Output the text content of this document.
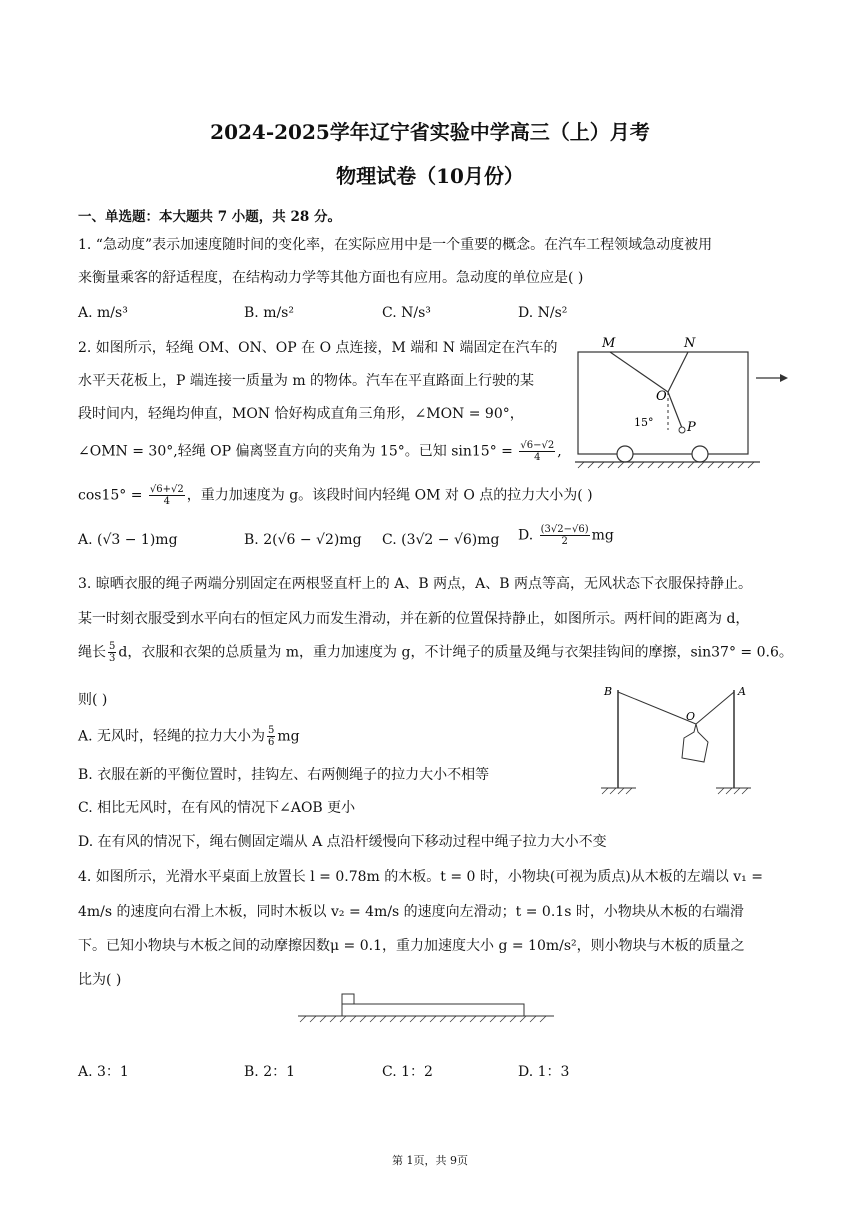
2024-2025学年辽宁省实验中学高三（上）月考
物理试卷（10月份）
一、单选题：本大题共 7 小题，共 28 分。
1. “急动度”表示加速度随时间的变化率，在实际应用中是一个重要的概念。在汽车工程领域急动度被用
来衡量乘客的舒适程度，在结构动力学等其他方面也有应用。急动度的单位应是( )
A. m/s³	B. m/s²	C. N/s³	D. N/s²
2. 如图所示，轻绳 OM、ON、OP 在 O 点连接，M 端和 N 端固定在汽车的
水平天花板上，P 端连接一质量为 m 的物体。汽车在平直路面上行驶的某
段时间内，轻绳均伸直，MON 恰好构成直角三角形，∠MON = 90°，
∠OMN = 30°,轻绳 OP 偏离竖直方向的夹角为 15°。已知 $\sin 15^\circ = \frac{√6-√2}{4}$ ,
$\cos 15^\circ = \frac{√6+√2}{4}$ ，重力加速度为 g。该段时间内轻绳 OM 对 O 点的拉力大小为( )
A. (√3 − 1)mg	B. 2(√6 − √2)mg C. (3√2 − √6)mg D. $\frac{(3√2-√6)}{2}$ mg
M	N
O
P
15°
3. 晾晒衣服的绳子两端分别固定在两根竖直杆上的 A、B 两点，A、B 两点等高，无风状态下衣服保持静止。
某一时刻衣服受到水平向右的恒定风力而发生滑动，并在新的位置保持静止，如图所示。两杆间的距离为 d，
绳长 $\frac{5}{3}$ d，衣服和衣架的总质量为 m，重力加速度为 g，不计绳子的质量及绳与衣架挂钩间的摩擦，sin37° = 0.6。
则( )
A. 无风时，轻绳的拉力大小为 $\frac{5}{6}$ mg
B. 衣服在新的平衡位置时，挂钩左、右两侧绳子的拉力大小不相等
C. 相比无风时，在有风的情况下∠AOB 更小
D. 在有风的情况下，绳右侧固定端从 A 点沿杆缓慢向下移动过程中绳子拉力大小不变
B	A
O
4. 如图所示，光滑水平桌面上放置长 l = 0.78m 的木板。t = 0 时，小物块(可视为质点)从木板的左端以 v₁ =
4m/s 的速度向右滑上木板，同时木板以 v₂ = 4m/s 的速度向左滑动；t = 0.1s 时，小物块从木板的右端滑
下。已知小物块与木板之间的动摩擦因数μ = 0.1，重力加速度大小 g = 10m/s²，则小物块与木板的质量之
比为( )
A. 3：1	B. 2：1	C. 1：2	D. 1：3
第 1页，共 9页
